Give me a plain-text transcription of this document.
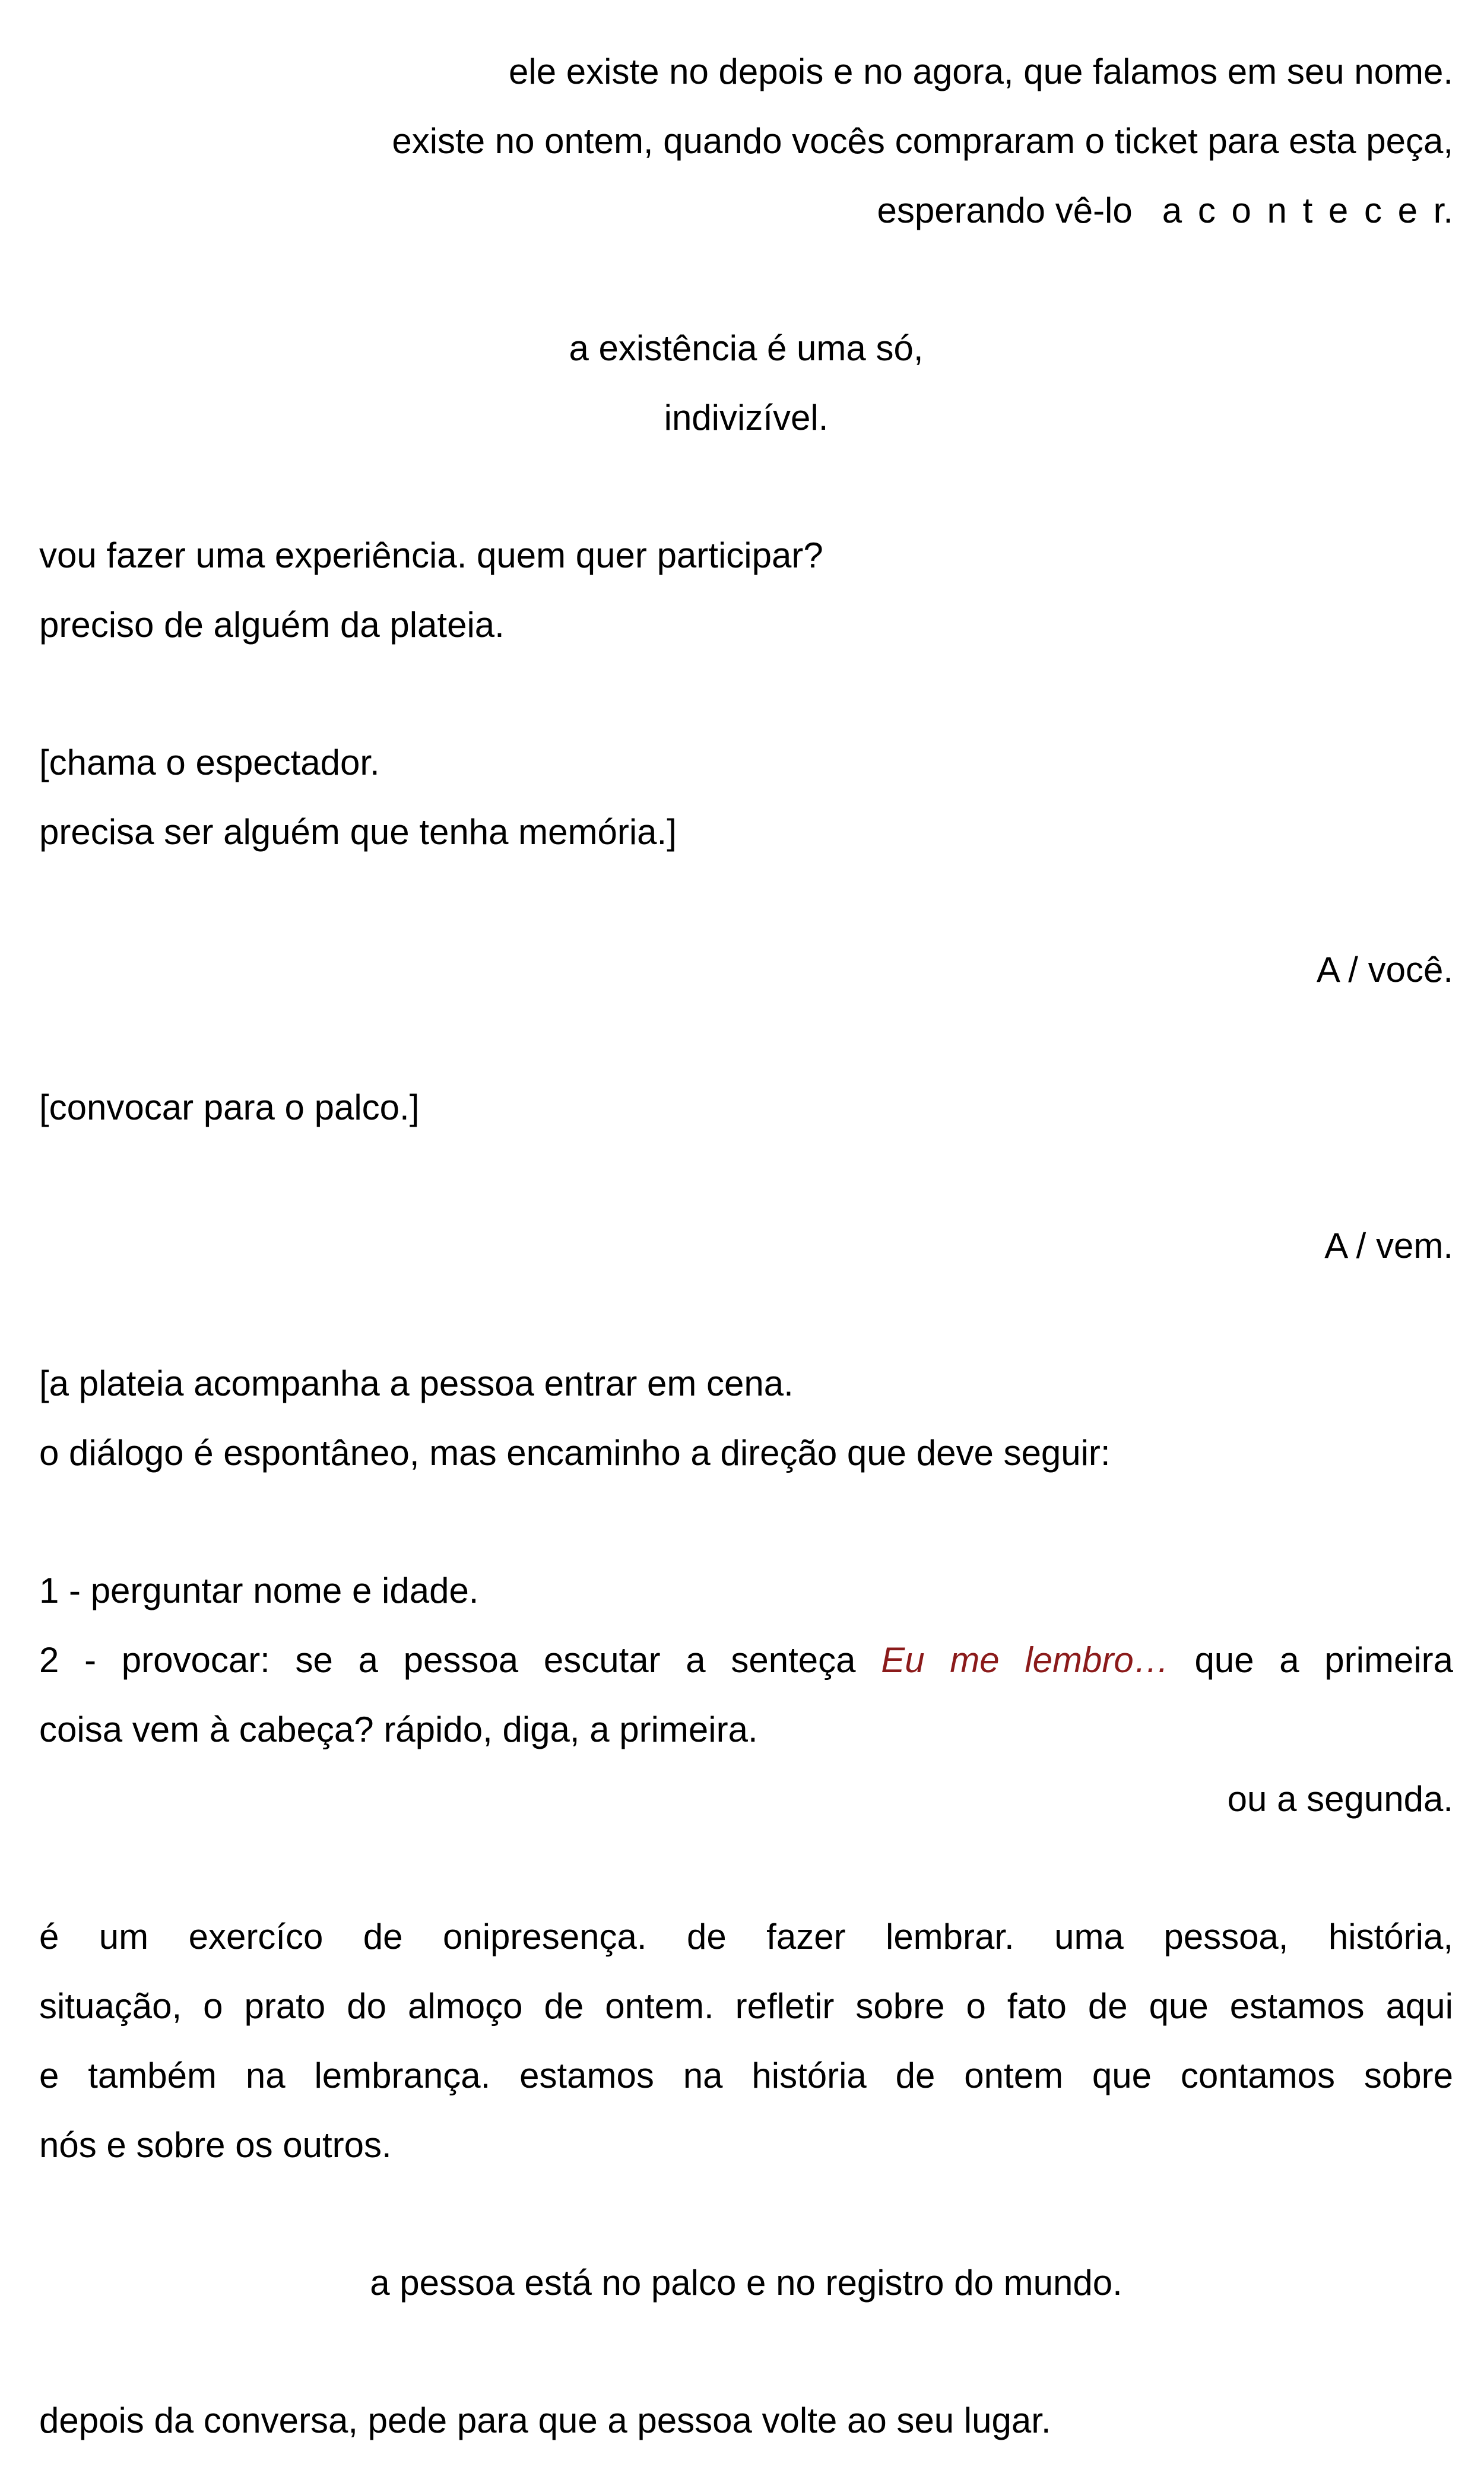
ele existe no depois e no agora, que falamos em seu nome.
existe no ontem, quando vocês compraram o ticket para esta peça,
esperando vê-lo a c o n t e c e r.
a existência é uma só,
indivizível.
vou fazer uma experiência. quem quer participar?
preciso de alguém da plateia.
[chama o espectador.
precisa ser alguém que tenha memória.]
A / você.
[convocar para o palco.]
A / vem.
[a plateia acompanha a pessoa entrar em cena.
o diálogo é espontâneo, mas encaminho a direção que deve seguir:
1 - perguntar nome e idade.
2 - provocar: se a pessoa escutar a senteça Eu me lembro… que a primeira
coisa vem à cabeça? rápido, diga, a primeira.
ou a segunda.
é um exercíco de onipresença. de fazer lembrar. uma pessoa, história,
situação, o prato do almoço de ontem. refletir sobre o fato de que estamos aqui
e também na lembrança. estamos na história de ontem que contamos sobre
nós e sobre os outros.
a pessoa está no palco e no registro do mundo.
depois da conversa, pede para que a pessoa volte ao seu lugar.
